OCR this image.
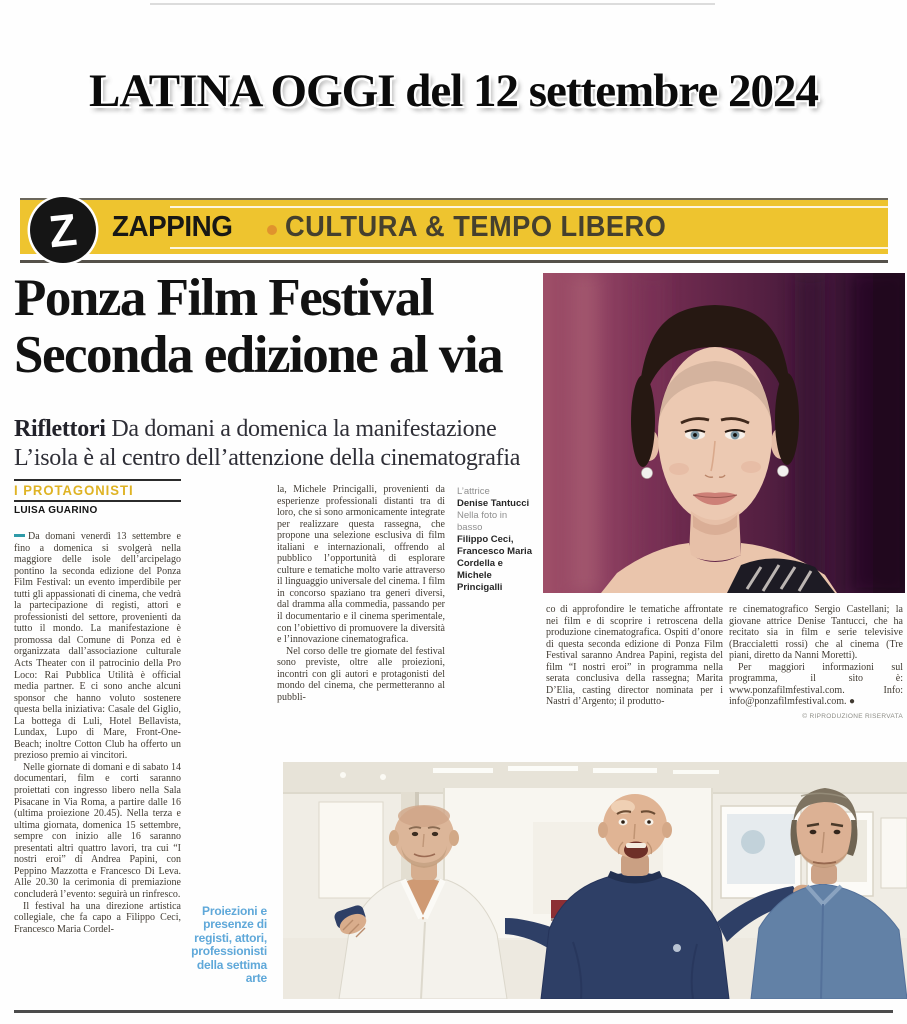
LATINA OGGI del 12 settembre 2024
Z ZAPPING CULTURA & TEMPO LIBERO
Ponza Film Festival
Seconda edizione al via
Riflettori Da domani a domenica la manifestazione
L’isola è al centro dell’attenzione della cinematografia
I PROTAGONISTI
LUISA GUARINO

Da domani venerdì 13 settembre e fino a domenica si svolgerà nella maggiore delle isole dell’arcipelago pontino la seconda edizione del Ponza Film Festival: un evento imperdibile per tutti gli appassionati di cinema, che vedrà la partecipazione di registi, attori e professionisti del settore, provenienti da tutto il mondo. La manifestazione è promossa dal Comune di Ponza ed è organizzata dall’associazione culturale Acts Theater con il patrocinio della Pro Loco: Rai Pubblica Utilità è official media partner. E ci sono anche alcuni sponsor che hanno voluto sostenere questa bella iniziativa: Casale del Giglio, La bottega di Luli, Hotel Bellavista, Lundax, Lupo di Mare, Front-One-Beach; inoltre Cotton Club ha offerto un prezioso premio ai vincitori.

Nelle giornate di domani e di sabato 14 documentari, film e corti saranno proiettati con ingresso libero nella Sala Pisacane in Via Roma, a partire dalle 16 (ultima proiezione 20.45). Nella terza e ultima giornata, domenica 15 settembre, sempre con inizio alle 16 saranno presentati altri quattro lavori, tra cui “I nostri eroi” di Andrea Papini, con Peppino Mazzotta e Francesco Di Leva. Alle 20.30 la cerimonia di premiazione concluderà l’evento: seguirà un rinfresco.

Il festival ha una direzione artistica collegiale, che fa capo a Filippo Ceci, Francesco Maria Cordel-

la, Michele Princigalli, provenienti da esperienze professionali distanti tra di loro, che si sono armonicamente integrate per realizzare questa rassegna, che propone una selezione esclusiva di film italiani e internazionali, offrendo al pubblico l’opportunità di esplorare culture e tematiche molto varie attraverso il linguaggio universale del cinema. I film in concorso spaziano tra generi diversi, dal dramma alla commedia, passando per il documentario e il cinema sperimentale, con l’obiettivo di promuovere la diversità e l’innovazione cinematografica.

Nel corso delle tre giornate del festival sono previste, oltre alle proiezioni, incontri con gli autori e protagonisti del mondo del cinema, che permetteranno al pubbli-

L’attrice
Denise Tantucci
Nella foto in basso
Filippo Ceci, Francesco Maria Cordella e Michele Princigalli

co di approfondire le tematiche affrontate nei film e di scoprire i retroscena della produzione cinematografica. Ospiti d’onore di questa seconda edizione di Ponza Film Festival saranno Andrea Papini, regista del film “I nostri eroi” in programma nella serata conclusiva della rassegna; Marita D’Elia, casting director nominata per i Nastri d’Argento; il produtto-

re cinematografico Sergio Castellani; la giovane attrice Denise Tantucci, che ha recitato sia in film e serie televisive (Braccialetti rossi) che al cinema (Tre piani, diretto da Nanni Moretti).

Per maggiori informazioni sul programma, il sito è: www.ponzafilmfestival.com. Info: info@ponzafilmfestival.com. ●

© RIPRODUZIONE RISERVATA
Proiezioni e presenze di registi, attori, professionisti della settima arte
